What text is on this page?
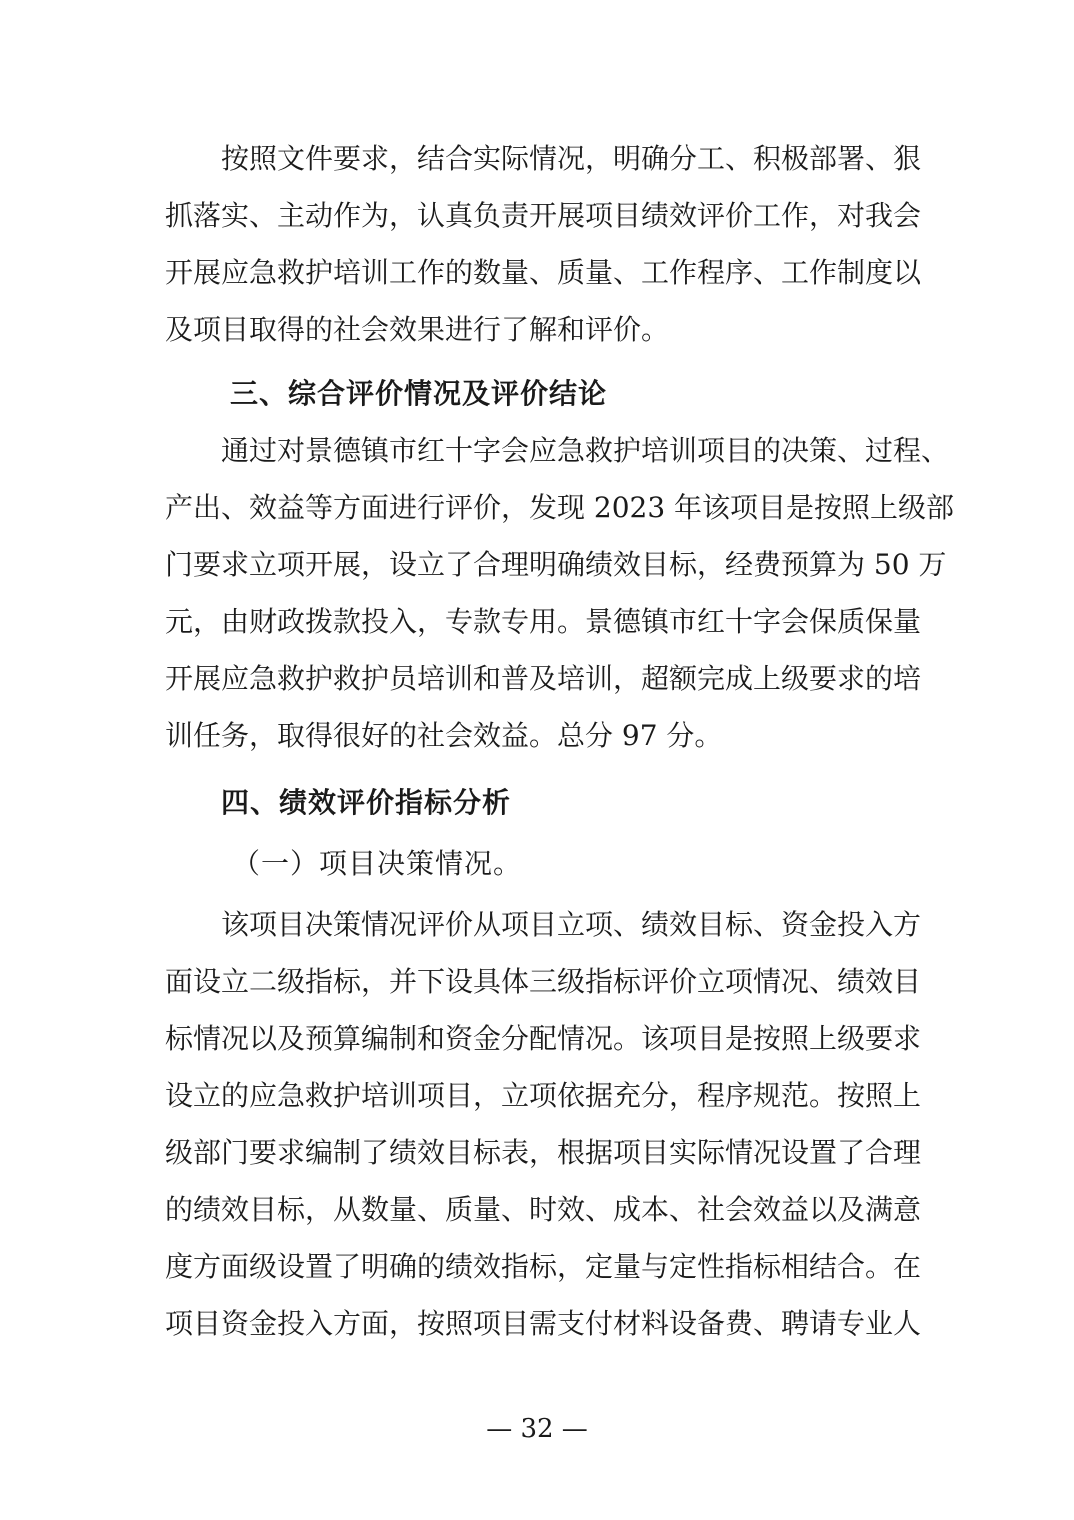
按照文件要求，结合实际情况，明确分工、积极部署、狠
抓落实、主动作为，认真负责开展项目绩效评价工作，对我会
开展应急救护培训工作的数量、质量、工作程序、工作制度以
及项目取得的社会效果进行了解和评价。
三、综合评价情况及评价结论
通过对景德镇市红十字会应急救护培训项目的决策、过程、
产出、效益等方面进行评价，发现 2023 年该项目是按照上级部
门要求立项开展，设立了合理明确绩效目标，经费预算为 50 万
元，由财政拨款投入，专款专用。景德镇市红十字会保质保量
开展应急救护救护员培训和普及培训，超额完成上级要求的培
训任务，取得很好的社会效益。总分 97 分。
四、绩效评价指标分析
（一）项目决策情况。
该项目决策情况评价从项目立项、绩效目标、资金投入方
面设立二级指标，并下设具体三级指标评价立项情况、绩效目
标情况以及预算编制和资金分配情况。该项目是按照上级要求
设立的应急救护培训项目，立项依据充分，程序规范。按照上
级部门要求编制了绩效目标表，根据项目实际情况设置了合理
的绩效目标，从数量、质量、时效、成本、社会效益以及满意
度方面级设置了明确的绩效指标，定量与定性指标相结合。在
项目资金投入方面，按照项目需支付材料设备费、聘请专业人
— 32 —
